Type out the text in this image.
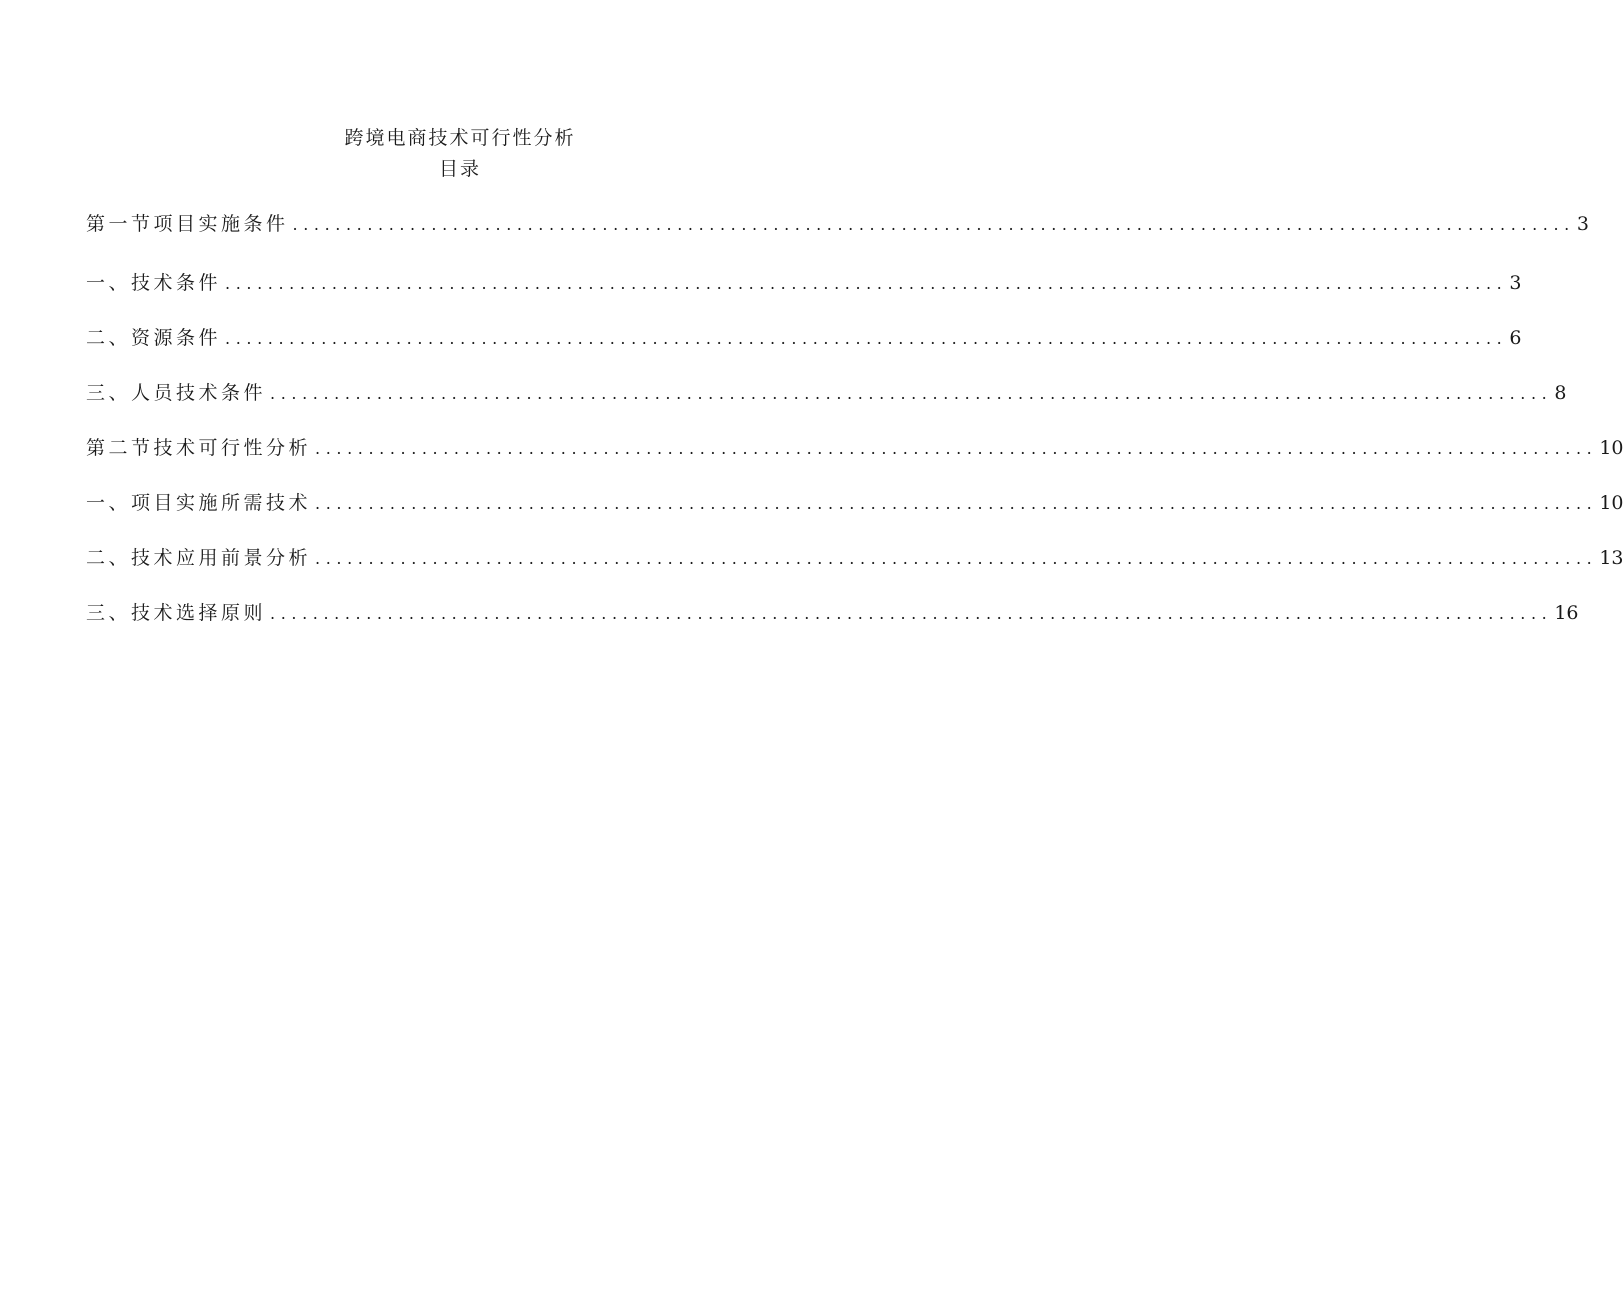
跨境电商技术可行性分析
目录
第一节项目实施条件 ........................................................................................................................ 3
一、技术条件 ........................................................................................................................ 3
二、资源条件 ........................................................................................................................ 6
三、人员技术条件 ........................................................................................................................ 8
第二节技术可行性分析 ........................................................................................................................ 10
一、项目实施所需技术 ........................................................................................................................ 10
二、技术应用前景分析 ........................................................................................................................ 13
三、技术选择原则 ........................................................................................................................ 16
